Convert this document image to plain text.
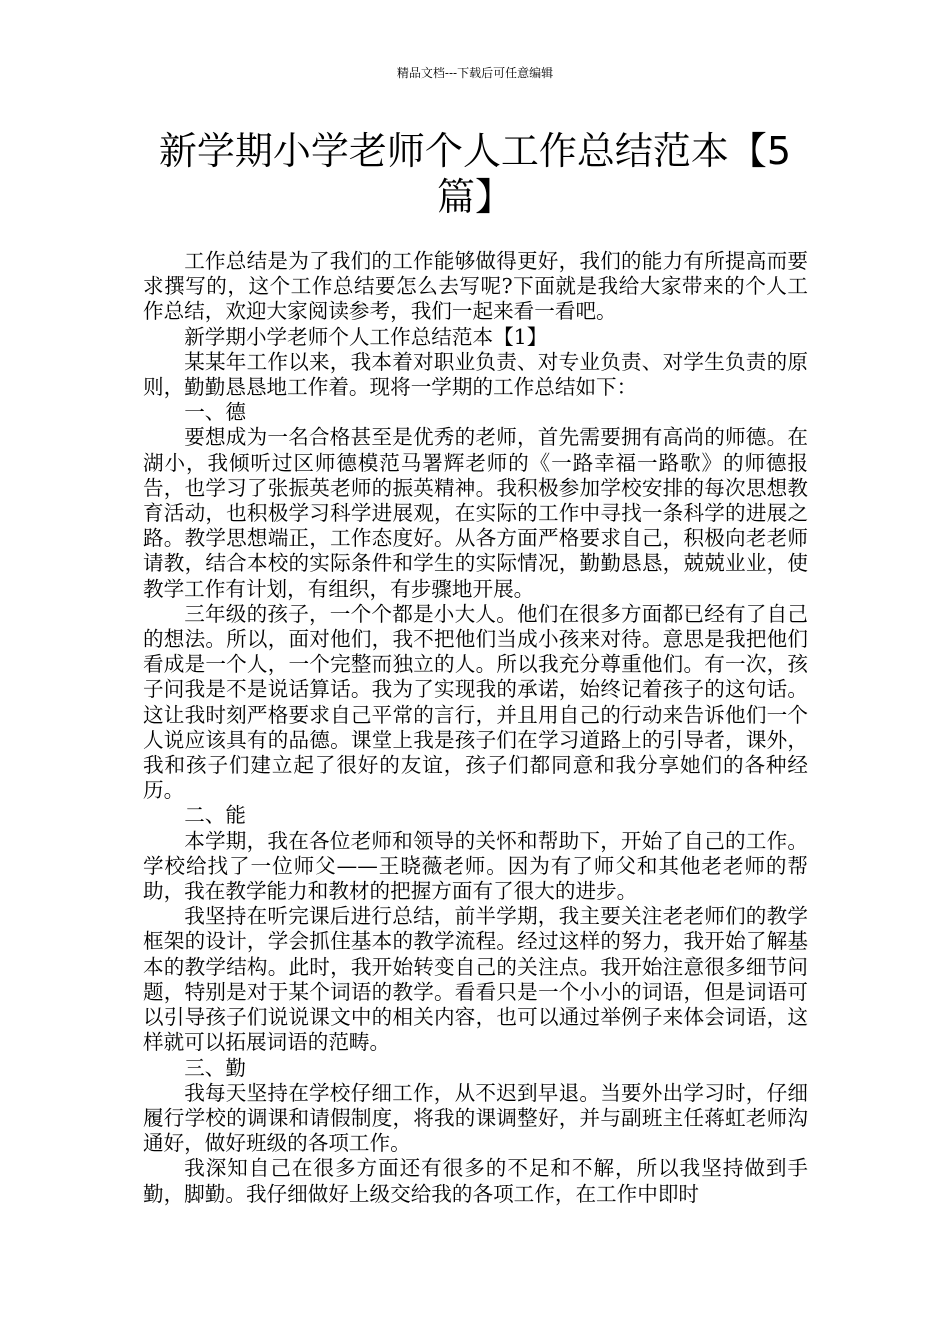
精品文档---下载后可任意编辑
新学期小学老师个人工作总结范本【5篇】

工作总结是为了我们的工作能够做得更好，我们的能力有所提高而要求撰写的，这个工作总结要怎么去写呢?下面就是我给大家带来的个人工作总结，欢迎大家阅读参考，我们一起来看一看吧。

新学期小学老师个人工作总结范本【1】

某某年工作以来，我本着对职业负责、对专业负责、对学生负责的原则，勤勤恳恳地工作着。现将一学期的工作总结如下：

一、德

要想成为一名合格甚至是优秀的老师，首先需要拥有高尚的师德。在湖小，我倾听过区师德模范马署辉老师的《一路幸福一路歌》的师德报告，也学习了张振英老师的振英精神。我积极参加学校安排的每次思想教育活动，也积极学习科学进展观，在实际的工作中寻找一条科学的进展之路。教学思想端正，工作态度好。从各方面严格要求自己，积极向老老师请教，结合本校的实际条件和学生的实际情况，勤勤恳恳，兢兢业业，使教学工作有计划，有组织，有步骤地开展。

三年级的孩子，一个个都是小大人。他们在很多方面都已经有了自己的想法。所以，面对他们，我不把他们当成小孩来对待。意思是我把他们看成是一个人，一个完整而独立的人。所以我充分尊重他们。有一次，孩子问我是不是说话算话。我为了实现我的承诺，始终记着孩子的这句话。这让我时刻严格要求自己平常的言行，并且用自己的行动来告诉他们一个人说应该具有的品德。课堂上我是孩子们在学习道路上的引导者，课外，我和孩子们建立起了很好的友谊，孩子们都同意和我分享她们的各种经历。

二、能

本学期，我在各位老师和领导的关怀和帮助下，开始了自己的工作。学校给找了一位师父——王晓薇老师。因为有了师父和其他老老师的帮助，我在教学能力和教材的把握方面有了很大的进步。

我坚持在听完课后进行总结，前半学期，我主要关注老老师们的教学框架的设计，学会抓住基本的教学流程。经过这样的努力，我开始了解基本的教学结构。此时，我开始转变自己的关注点。我开始注意很多细节问题，特别是对于某个词语的教学。看看只是一个小小的词语，但是词语可以引导孩子们说说课文中的相关内容，也可以通过举例子来体会词语，这样就可以拓展词语的范畴。

三、勤

我每天坚持在学校仔细工作，从不迟到早退。当要外出学习时，仔细履行学校的调课和请假制度，将我的课调整好，并与副班主任蒋虹老师沟通好，做好班级的各项工作。

我深知自己在很多方面还有很多的不足和不解，所以我坚持做到手勤，脚勤。我仔细做好上级交给我的各项工作，在工作中即时
